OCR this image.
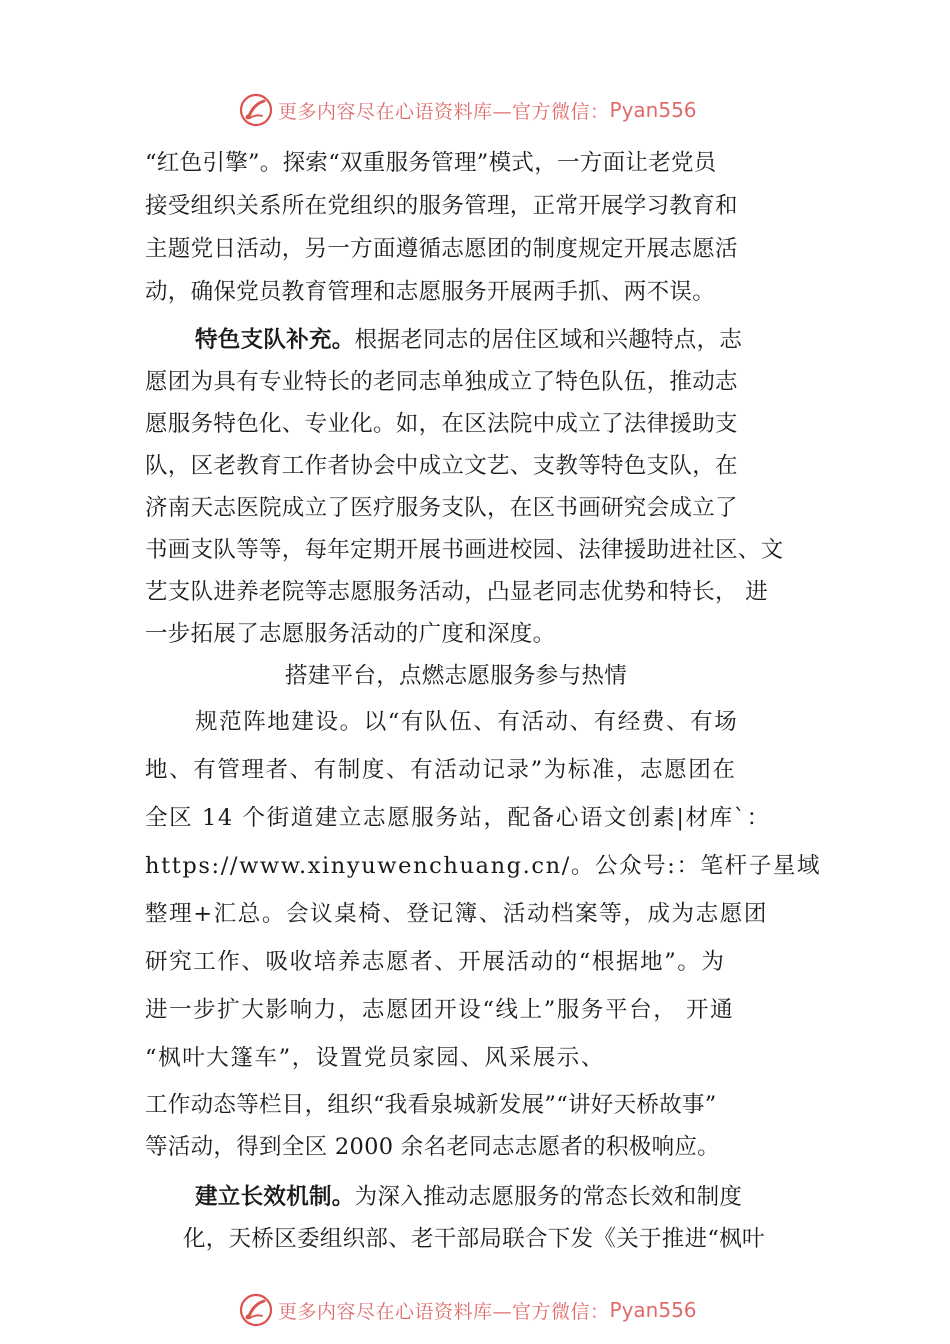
更多内容尽在心语资料库—官方微信： Pyan556
“红色引擎”。探索“双重服务管理”模式，一方面让老党员
接受组织关系所在党组织的服务管理，正常开展学习教育和
主题党日活动，另一方面遵循志愿团的制度规定开展志愿活
动，确保党员教育管理和志愿服务开展两手抓、两不误。
特色支队补充。根据老同志的居住区域和兴趣特点，志
愿团为具有专业特长的老同志单独成立了特色队伍，推动志
愿服务特色化、专业化。如，在区法院中成立了法律援助支
队，区老教育工作者协会中成立文艺、支教等特色支队，在
济南天志医院成立了医疗服务支队，在区书画研究会成立了
书画支队等等，每年定期开展书画进校园、法律援助进社区、文
艺支队进养老院等志愿服务活动，凸显老同志优势和特长， 进
一步拓展了志愿服务活动的广度和深度。
搭建平台，点燃志愿服务参与热情
规范阵地建设。以“有队伍、有活动、有经费、有场
地、有管理者、有制度、有活动记录”为标准，志愿团在
全区 14 个街道建立志愿服务站，配备心语文创素|材库`：
https://www.xinyuwenchuang.cn/。公众号:：笔杆子星域
整理+汇总。会议桌椅、登记簿、活动档案等，成为志愿团
研究工作、吸收培养志愿者、开展活动的“根据地”。为
进一步扩大影响力，志愿团开设“线上”服务平台， 开通
“枫叶大篷车”，设置党员家园、风采展示、
工作动态等栏目，组织“我看泉城新发展”“讲好天桥故事”
等活动，得到全区 2000 余名老同志志愿者的积极响应。
建立长效机制。为深入推动志愿服务的常态长效和制度
化，天桥区委组织部、老干部局联合下发《关于推进“枫叶
更多内容尽在心语资料库—官方微信： Pyan556
